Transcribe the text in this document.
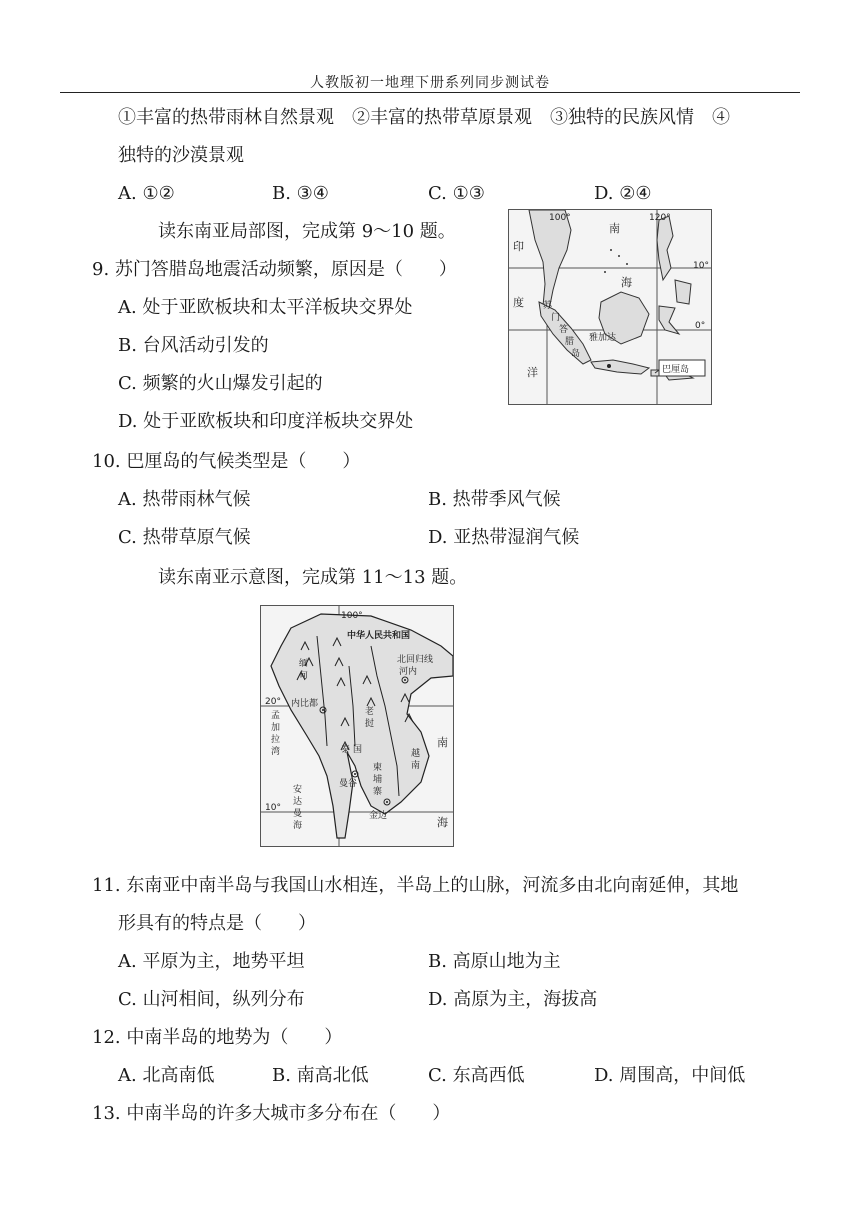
人教版初一地理下册系列同步测试卷
①丰富的热带雨林自然景观　②丰富的热带草原景观　③独特的民族风情　④
独特的沙漠景观
A. ①②	B. ③④	C. ①③	D. ②④
读东南亚局部图，完成第 9～10 题。
9. 苏门答腊岛地震活动频繁，原因是（　　）
A. 处于亚欧板块和太平洋板块交界处
B. 台风活动引发的
C. 频繁的火山爆发引起的
D. 处于亚欧板块和印度洋板块交界处
100°	120°
10°
0°
印
度
洋
南
海
苏
门
答
腊
岛
雅加达
巴厘岛
10. 巴厘岛的气候类型是（　　）
A. 热带雨林气候	B. 热带季风气候
C. 热带草原气候	D. 亚热带湿润气候
读东南亚示意图，完成第 11～13 题。
100°
中华人民共和国
北回归线
河内
内比都
20°
10°
孟
加
拉
湾
安
达
曼
海
南
海
曼谷
金边
缅
甸
老
挝
泰 国
柬
埔
寨
越
南
11. 东南亚中南半岛与我国山水相连，半岛上的山脉，河流多由北向南延伸，其地
形具有的特点是（　　）
A. 平原为主，地势平坦	B. 高原山地为主
C. 山河相间，纵列分布	D. 高原为主，海拔高
12. 中南半岛的地势为（　　）
A. 北高南低	B. 南高北低	C. 东高西低	D. 周围高，中间低
13. 中南半岛的许多大城市多分布在（　　）
